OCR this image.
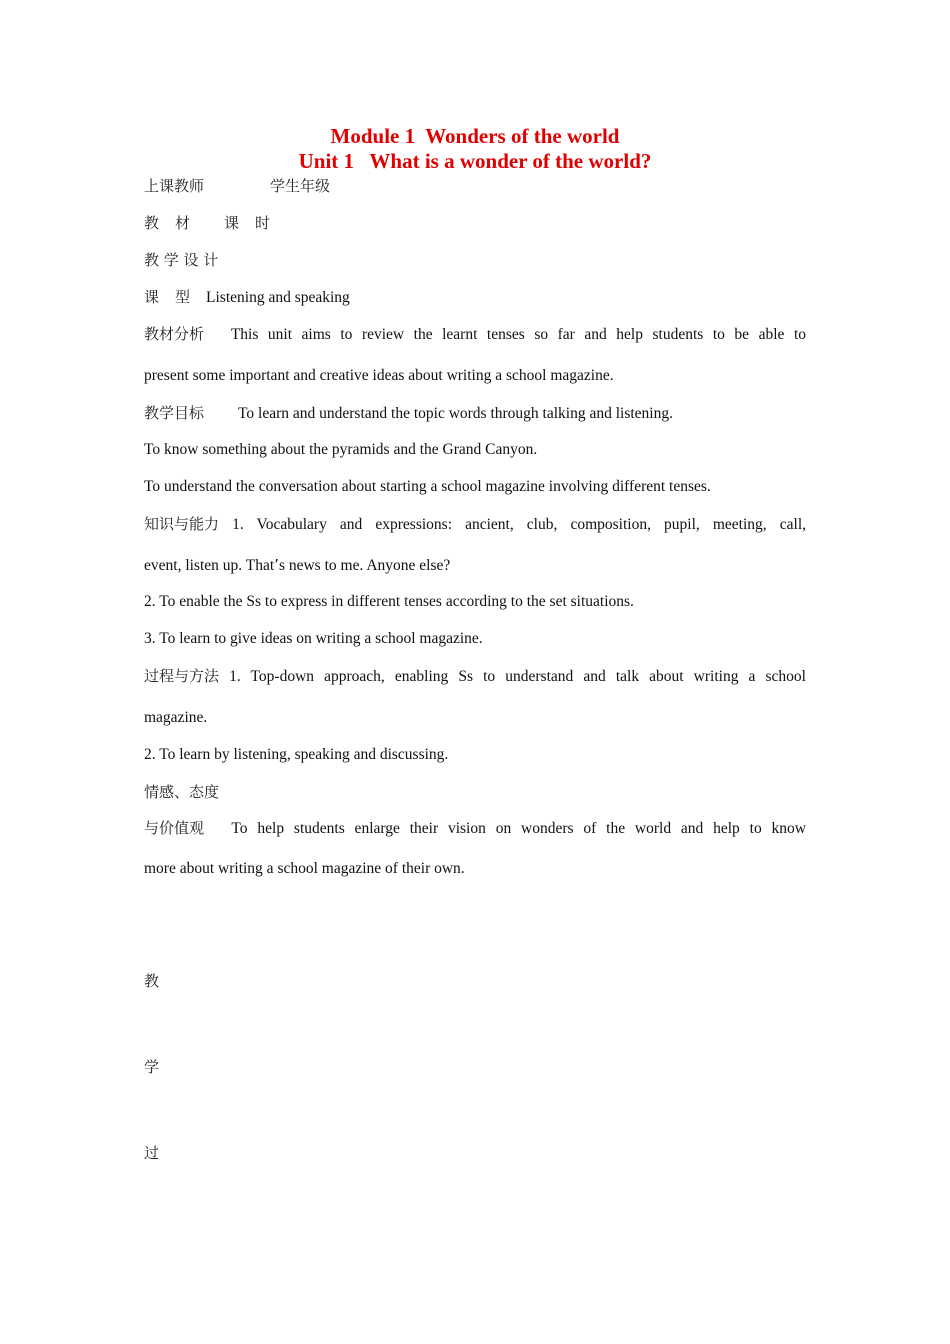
Module 1  Wonders of the world
Unit 1   What is a wonder of the world?
上课教师	学生年级
教 材 课 时
教 学 设 计
课 型 Listening and speaking
教材分析 This unit aims to review the learnt tenses so far and help students to be able to
present some important and creative ideas about writing a school magazine.
教学目标 To learn and understand the topic words through talking and listening.
To know something about the pyramids and the Grand Canyon.
To understand the conversation about starting a school magazine involving different tenses.
知识与能力 1. Vocabulary and expressions: ancient, club, composition, pupil, meeting, call,
event, listen up. That’s news to me. Anyone else?
2. To enable the Ss to express in different tenses according to the set situations.
3. To learn to give ideas on writing a school magazine.
过程与方法 1. Top-down approach, enabling Ss to understand and talk about writing a school
magazine.
2. To learn by listening, speaking and discussing.
情感、态度
与价值观 To help students enlarge their vision on wonders of the world and help to know
more about writing a school magazine of their own.
教
学
过
